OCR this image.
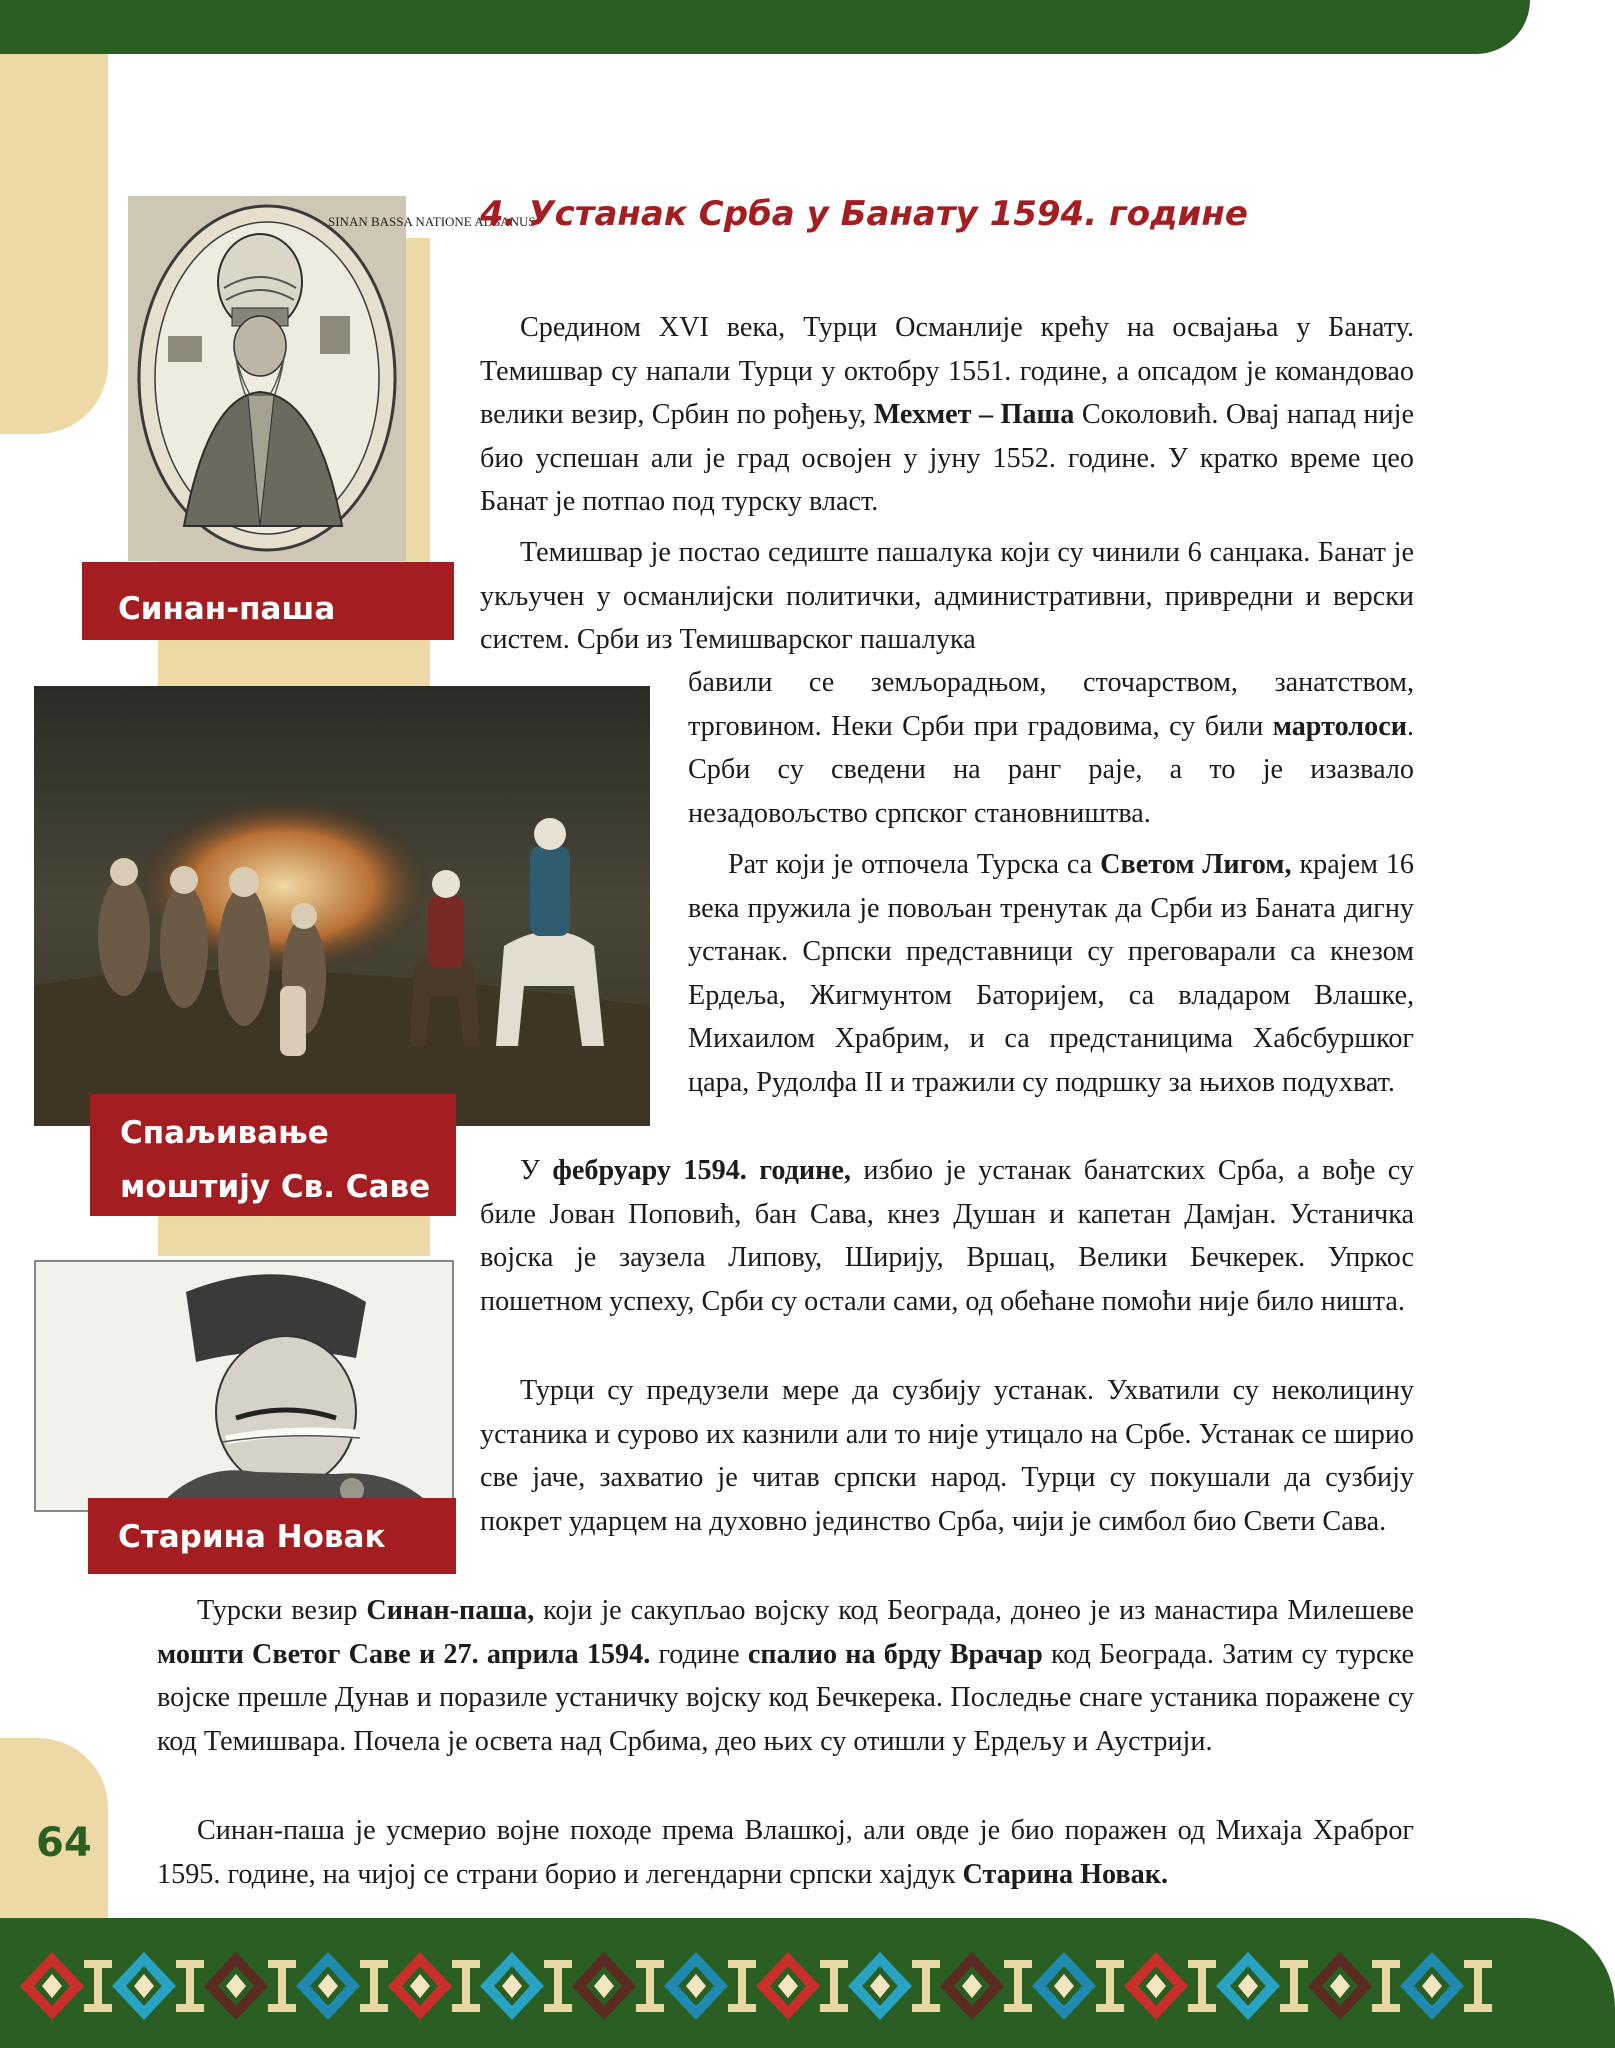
64
SINAN BASSA NATIONE ALBANUS
Синан-паша
Спаљивање
моштију Св. Саве
Старина Новак
4. Устанак Срба у Банату 1594. године

Средином XVI века, Турци Османлије крећу на освајања у Банату. Темишвар су напали Турци у октобру 1551. године, а опсадом је командовао велики везир, Србин по рођењу, Мехмет – Паша Соколовић. Овај напад није био успешан али је град освојен у јуну 1552. године. У кратко време цео Банат је потпао под турску власт.

Темишвар је постао седиште пашалука који су чинили 6 санџака. Банат је укључен у османлијски политички, административни, привредни и верски систем. Срби из Темишварског пашалука

бавили се земљорадњом, сточарством, занатством, трговином. Неки Срби при градовима, су били мартолоси. Срби су сведени на ранг раје, а то је изазвало незадовољство српског становништва.

Рат који је отпочела Турска са Светом Лигом, крајем 16 века пружила је повољан тренутак да Срби из Баната дигну устанак. Српски представници су преговарали са кнезом Ердеља, Жигмунтом Баторијем, са владаром Влашке, Михаилом Храбрим, и са предстаницима Хабсбуршког цара, Рудолфа II и тражили су подршку за њихов подухват.

У фебруару 1594. године, избио је устанак банатских Срба, а вође су биле Јован Поповић, бан Сава, кнез Душан и капетан Дамјан. Устаничка војска је заузела Липову, Ширију, Вршац, Велики Бечкерек. Упркос пошетном успеху, Срби су остали сами, од обећане помоћи није било ништа.

Турци су предузели мере да сузбију устанак. Ухватили су неколицину устаника и сурово их казнили али то није утицало на Србе. Устанак се ширио све јаче, захватио је читав српски народ. Турци су покушали да сузбију покрет ударцем на духовно јединство Срба, чији је симбол био Свети Сава.

Турски везир Синан-паша, који је сакупљао војску код Београда, донео је из манастира Милешеве мошти Светог Саве и 27. априла 1594. године спалио на брду Врачар код Београда. Затим су турске војске прешле Дунав и поразиле устаничку војску код Бечкерека. Последње снаге устаника поражене су код Темишвара. Почела је освета над Србима, део њих су отишли у Ердељу и Аустрији.

Синан-паша је усмерио војне походе према Влашкој, али овде је био поражен од Михаја Храброг 1595. године, на чијој се страни борио и легендарни српски хајдук Старина Новак.
